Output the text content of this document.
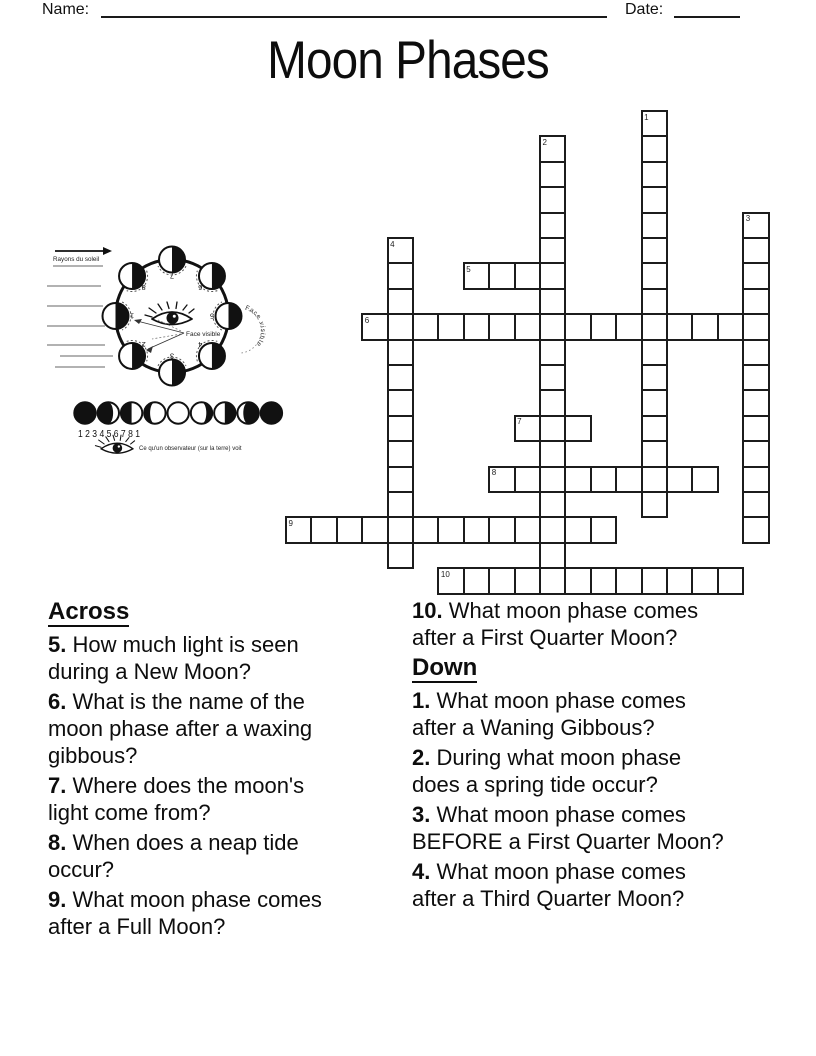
Name:	Date:
Moon Phases
Rayons du soleil
1
2
3
4
5
6
7
8
Face visible
Face visible
1 2 3 4 5 6 7 8 1
Ce qu'un observateur (sur la terre) voit
1
2
3
4
5
6
7
8
9
10
Across
5. How much light is seen
during a New Moon?
6. What is the name of the
moon phase after a waxing
gibbous?
7. Where does the moon's
light come from?
8. When does a neap tide
occur?
9. What moon phase comes
after a Full Moon?
10. What moon phase comes
after a First Quarter Moon?
Down
1. What moon phase comes
after a Waning Gibbous?
2. During what moon phase
does a spring tide occur?
3. What moon phase comes
BEFORE a First Quarter Moon?
4. What moon phase comes
after a Third Quarter Moon?
